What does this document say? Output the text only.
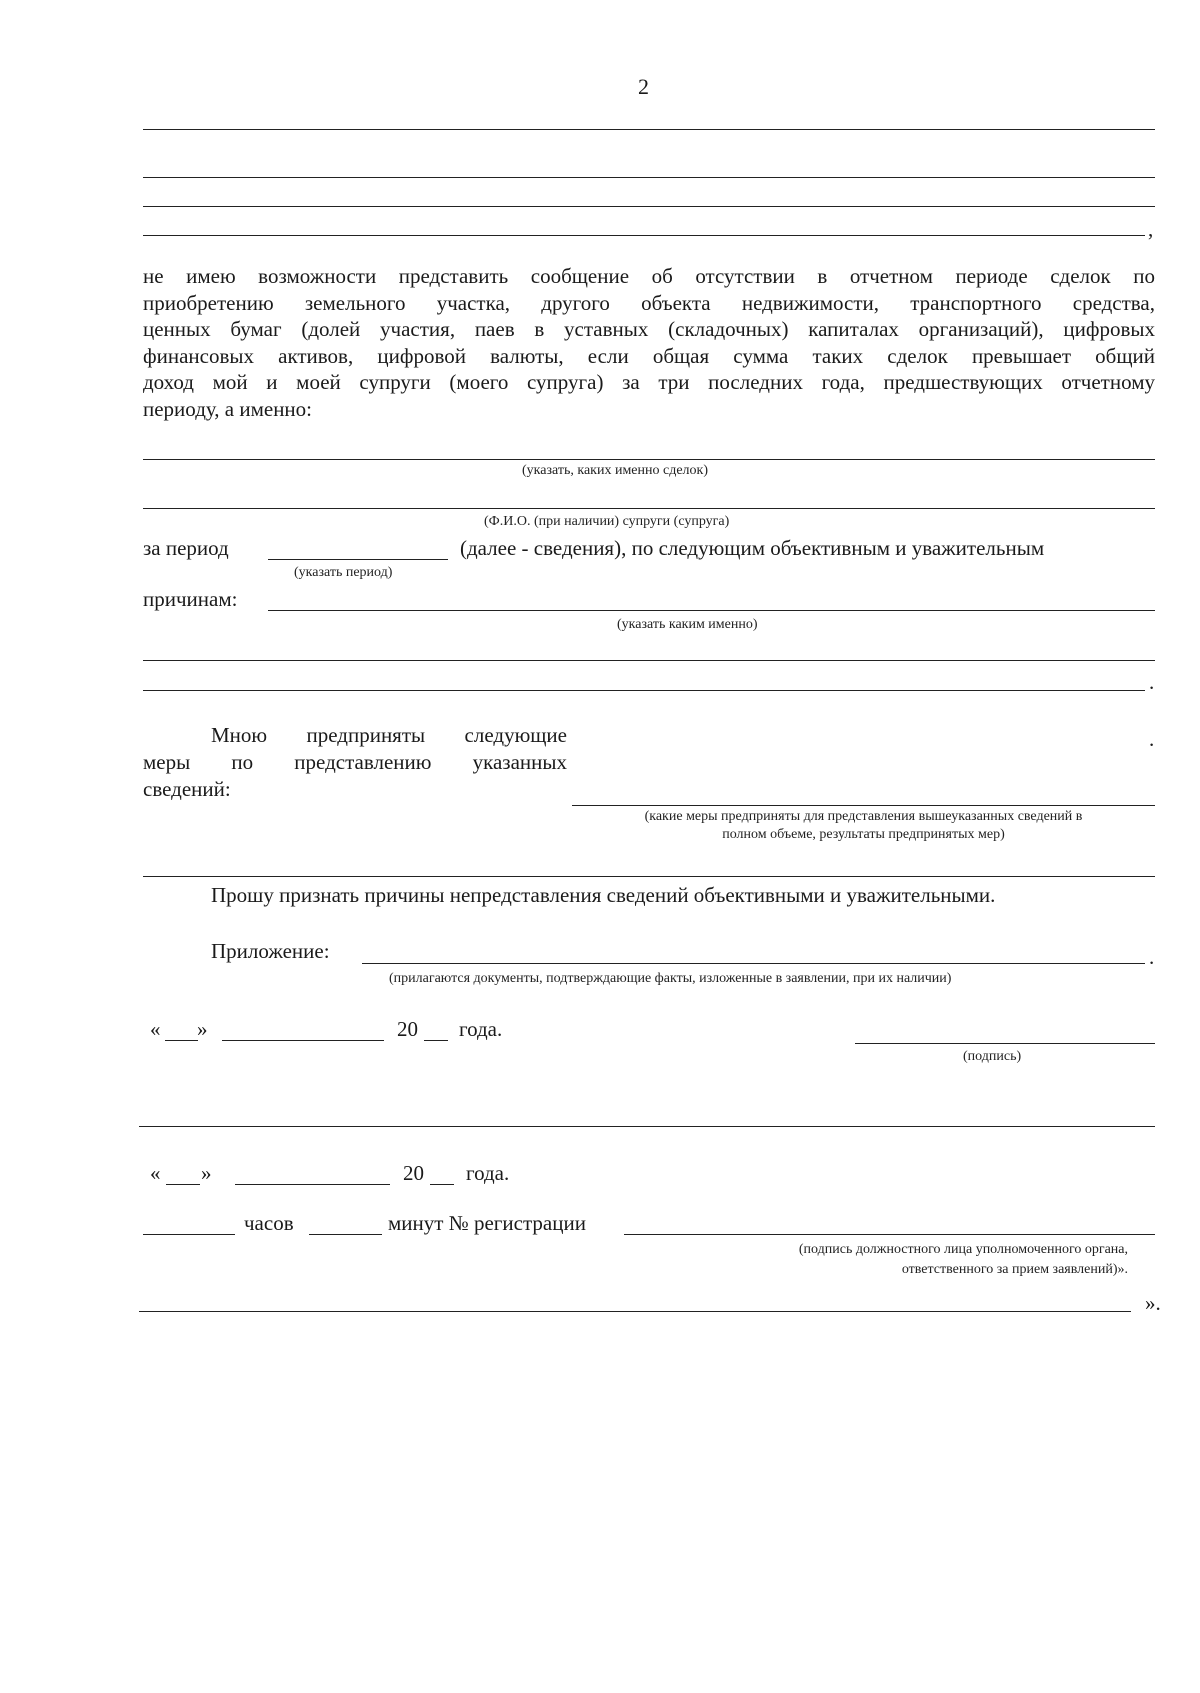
2
,
не имею возможности представить сообщение об отсутствии в отчетном периоде сделок по
приобретению земельного участка, другого объекта недвижимости, транспортного средства,
ценных бумаг (долей участия, паев в уставных (складочных) капиталах организаций), цифровых
финансовых активов, цифровой валюты, если общая сумма таких сделок превышает общий
доход мой и моей супруги (моего супруга) за три последних года, предшествующих отчетному
периоду, а именно:
(указать, каких именно сделок)
(Ф.И.О. (при наличии) супруги (супруга)
за период	(далее - сведения), по следующим объективным и уважительным
(указать период)
причинам:
(указать каким именно)
.
Мною предприняты следующие
меры по представлению указанных
сведений:
.
(какие меры предприняты для представления вышеуказанных сведений в
полном объеме, результаты предпринятых мер)
Прошу признать причины непредставления сведений объективными и уважительными.
Приложение:	.
(прилагаются документы, подтверждающие факты, изложенные в заявлении, при их наличии)
« »	20 года.
(подпись)
« »	20 года.
часов	минут № регистрации
(подпись должностного лица уполномоченного органа,
ответственного за прием заявлений)».
».
